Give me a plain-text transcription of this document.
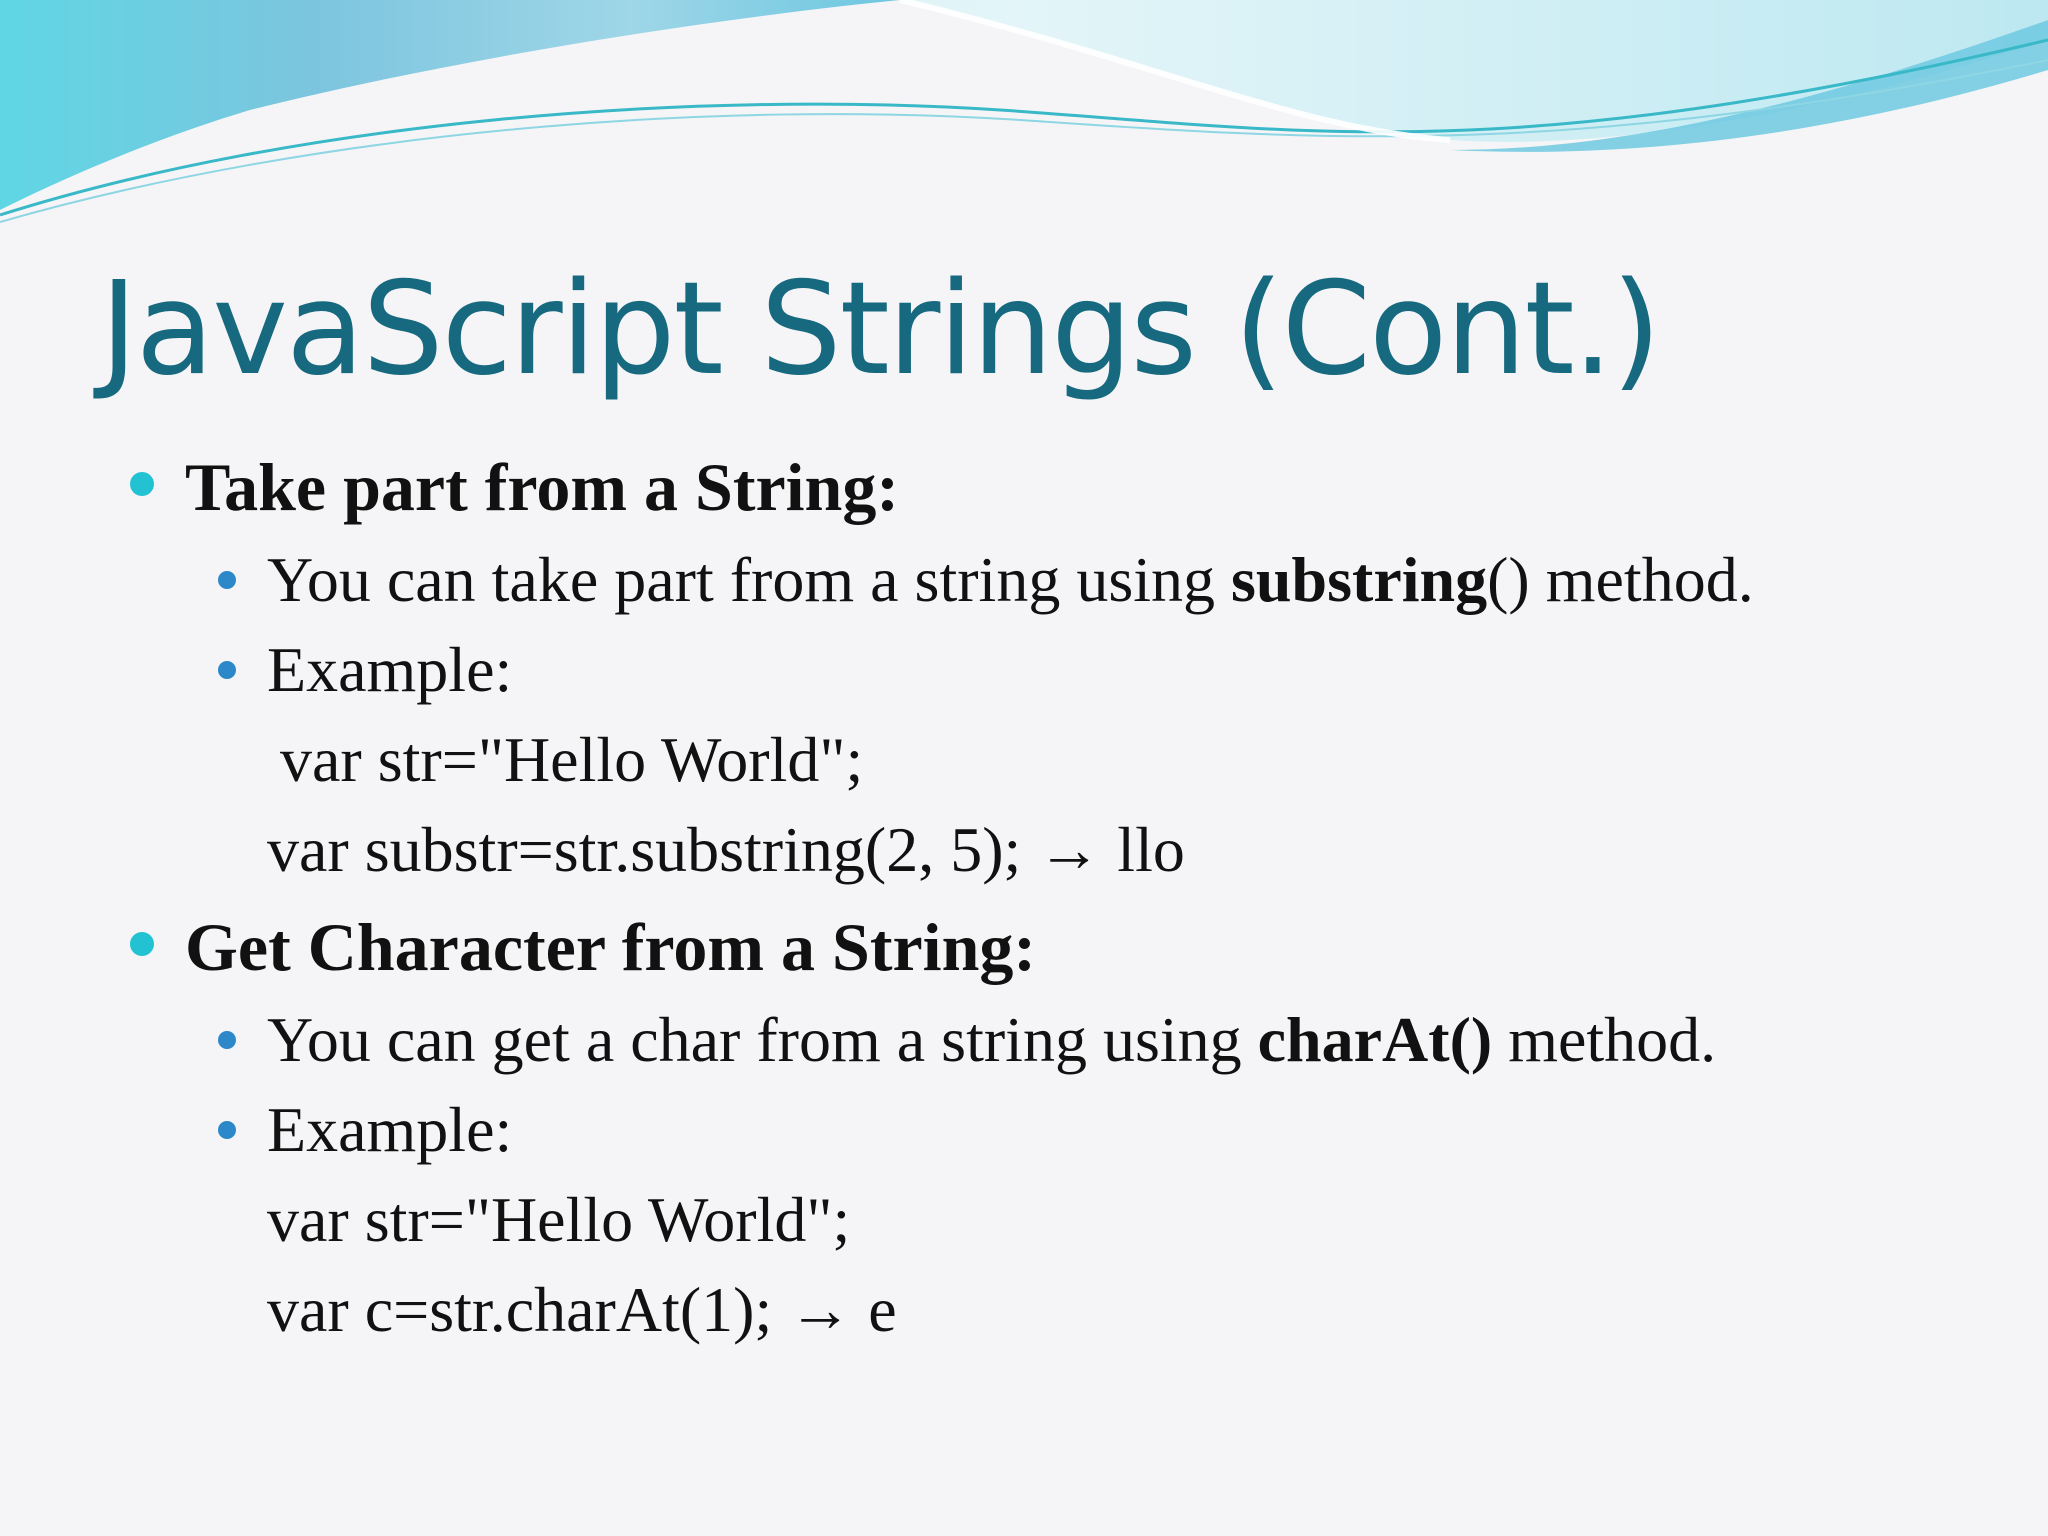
JavaScript Strings (Cont.)
Take part from a String:
You can take part from a string using substring() method.
Example:
var str="Hello World";
var substr=str.substring(2, 5); → llo
Get Character from a String:
You can get a char from a string using charAt() method.
Example:
var str="Hello World";
var c=str.charAt(1); → e
